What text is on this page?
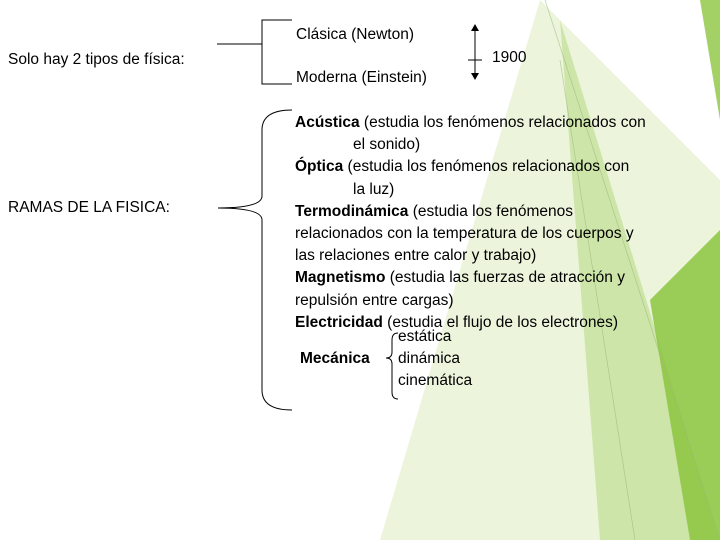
Solo hay 2 tipos de física:
Clásica (Newton)
Moderna (Einstein)
1900
RAMAS DE LA FISICA:

Acústica (estudia los fenómenos relacionados con

el sonido)

Óptica (estudia los fenómenos relacionados con

la luz)

Termodinámica (estudia los fenómenos

relacionados con la temperatura de los cuerpos y

las relaciones entre calor y trabajo)

Magnetismo (estudia las fuerzas de atracción y

repulsión entre cargas)

Electricidad (estudia el flujo de los electrones)

Mecánica
estática
dinámica
cinemática
